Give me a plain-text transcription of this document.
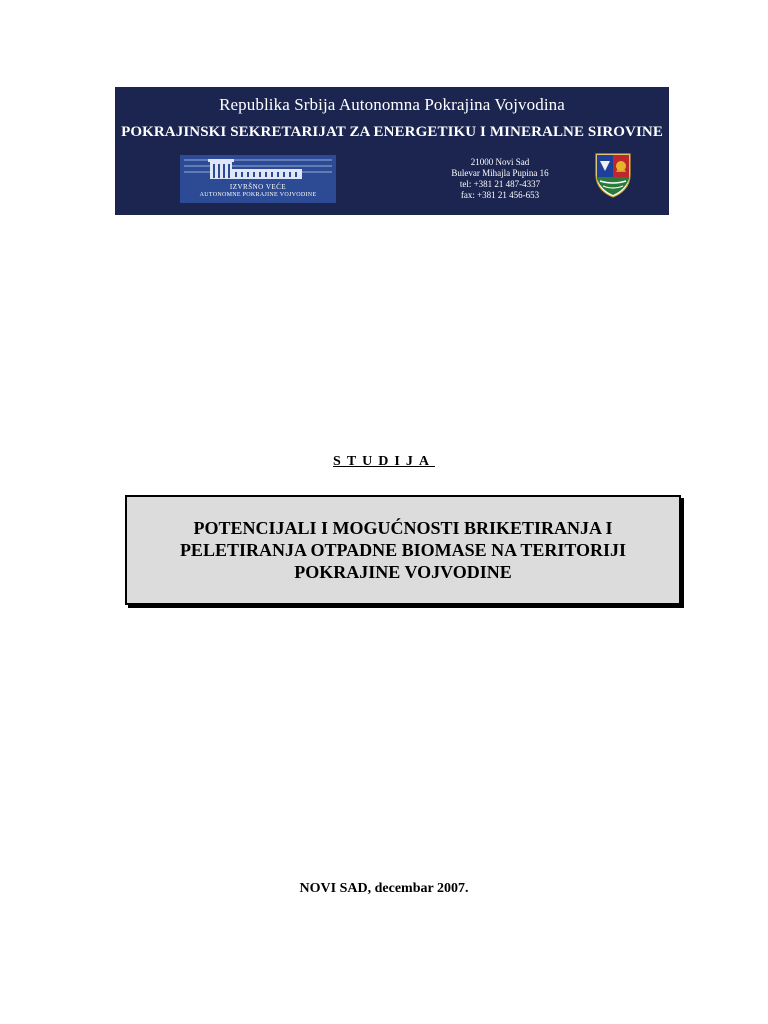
Republika Srbija Autonomna Pokrajina Vojvodina
POKRAJINSKI SEKRETARIJAT ZA ENERGETIKU I MINERALNE SIROVINE
IZVRŠNO VEĆE
AUTONOMNE POKRAJINE VOJVODINE
21000 Novi Sad
Bulevar Mihajla Pupina 16
tel: +381 21 487-4337
fax: +381 21 456-653
STUDIJA
POTENCIJALI I MOGUĆNOSTI BRIKETIRANJA I
PELETIRANJA OTPADNE BIOMASE NA TERITORIJI
POKRAJINE VOJVODINE
NOVI SAD, decembar 2007.
